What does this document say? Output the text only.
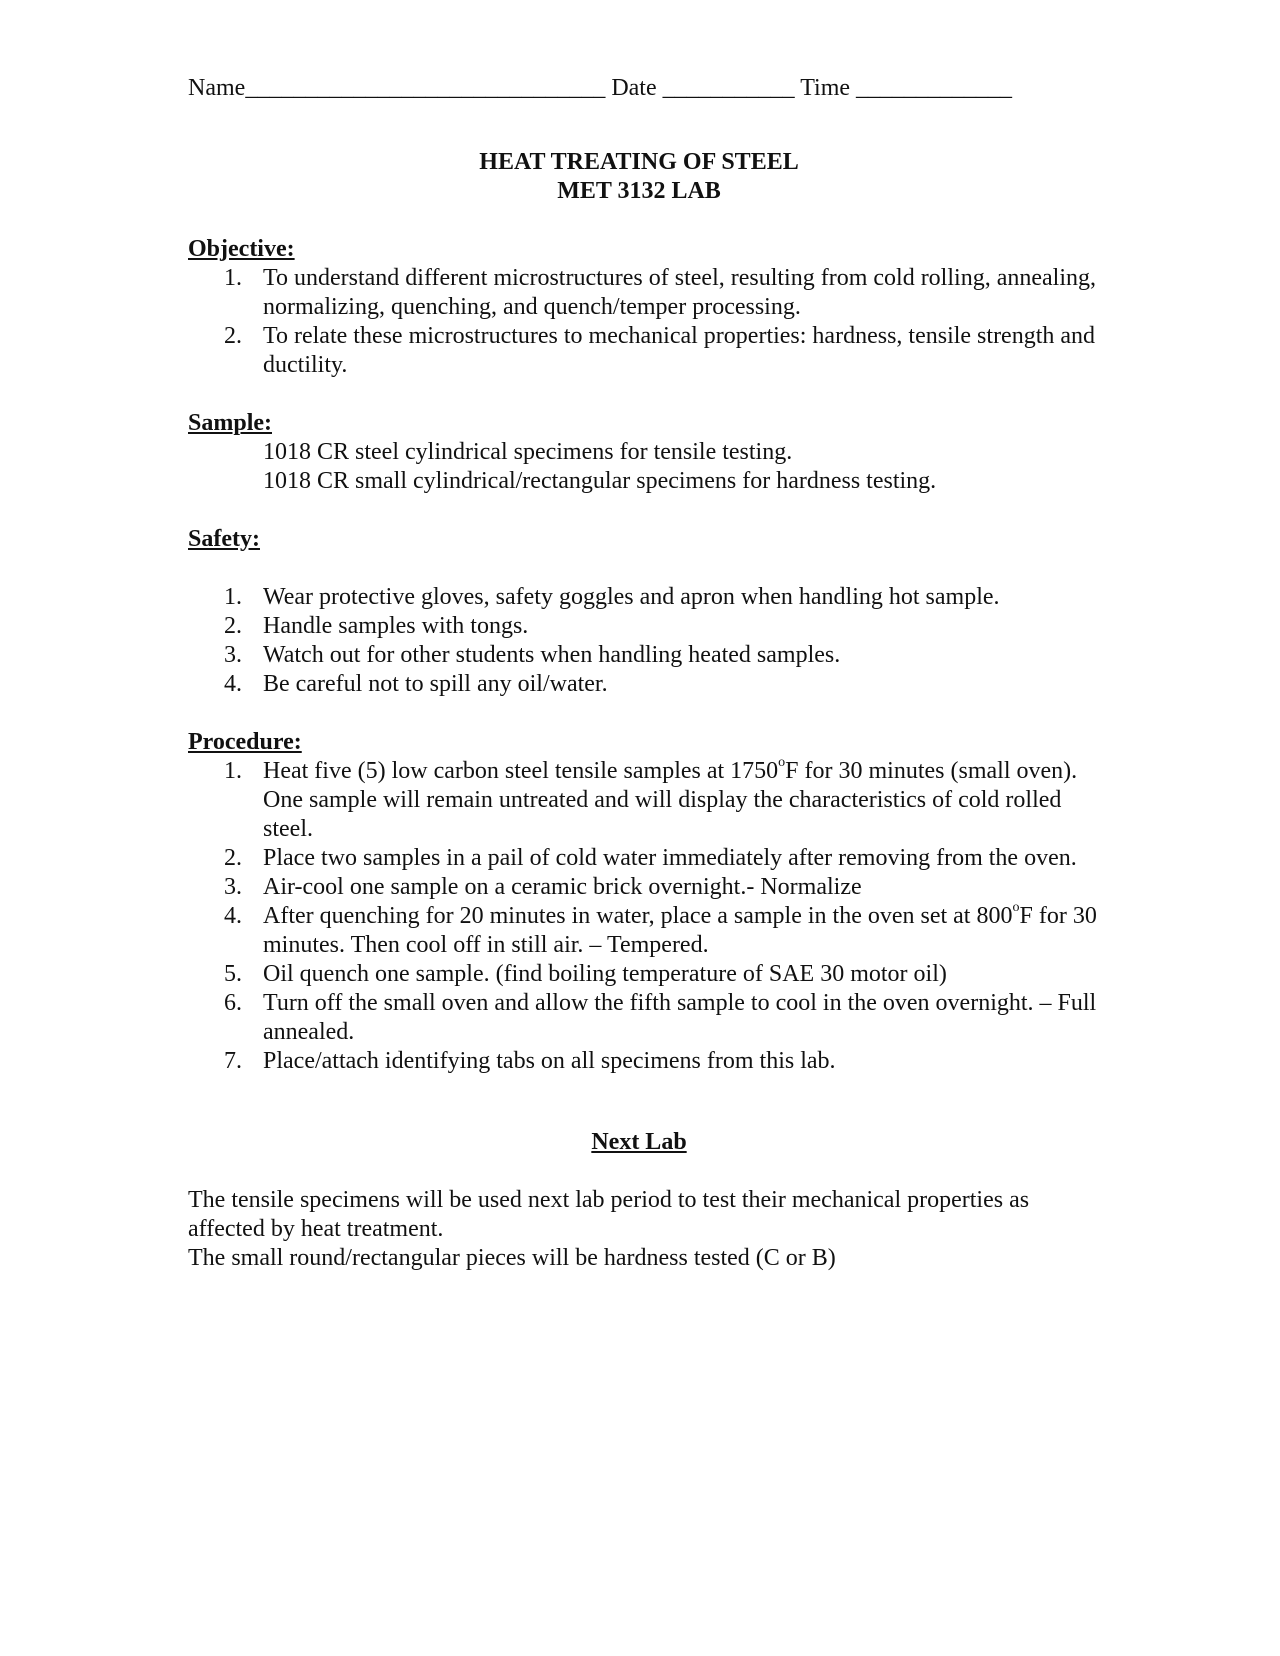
Name______________________________ Date ___________ Time _____________
HEAT TREATING OF STEEL
MET 3132 LAB
Objective:
1. To understand different microstructures of steel, resulting from cold rolling, annealing, normalizing, quenching, and quench/temper processing.
2. To relate these microstructures to mechanical properties: hardness, tensile strength and ductility.
Sample:
1018 CR steel cylindrical specimens for tensile testing.
1018 CR small cylindrical/rectangular specimens for hardness testing.
Safety:
1. Wear protective gloves, safety goggles and apron when handling hot sample.
2. Handle samples with tongs.
3. Watch out for other students when handling heated samples.
4. Be careful not to spill any oil/water.
Procedure:
1. Heat five (5) low carbon steel tensile samples at 1750$^o$F for 30 minutes (small oven). One sample will remain untreated and will display the characteristics of cold rolled steel.
2. Place two samples in a pail of cold water immediately after removing from the oven.
3. Air-cool one sample on a ceramic brick overnight.- Normalize
4. After quenching for 20 minutes in water, place a sample in the oven set at 800$^o$F for 30 minutes. Then cool off in still air. – Tempered.
5. Oil quench one sample. (find boiling temperature of SAE 30 motor oil)
6. Turn off the small oven and allow the fifth sample to cool in the oven overnight. – Full annealed.
7. Place/attach identifying tabs on all specimens from this lab.
Next Lab
The tensile specimens will be used next lab period to test their mechanical properties as affected by heat treatment.
The small round/rectangular pieces will be hardness tested (C or B)
